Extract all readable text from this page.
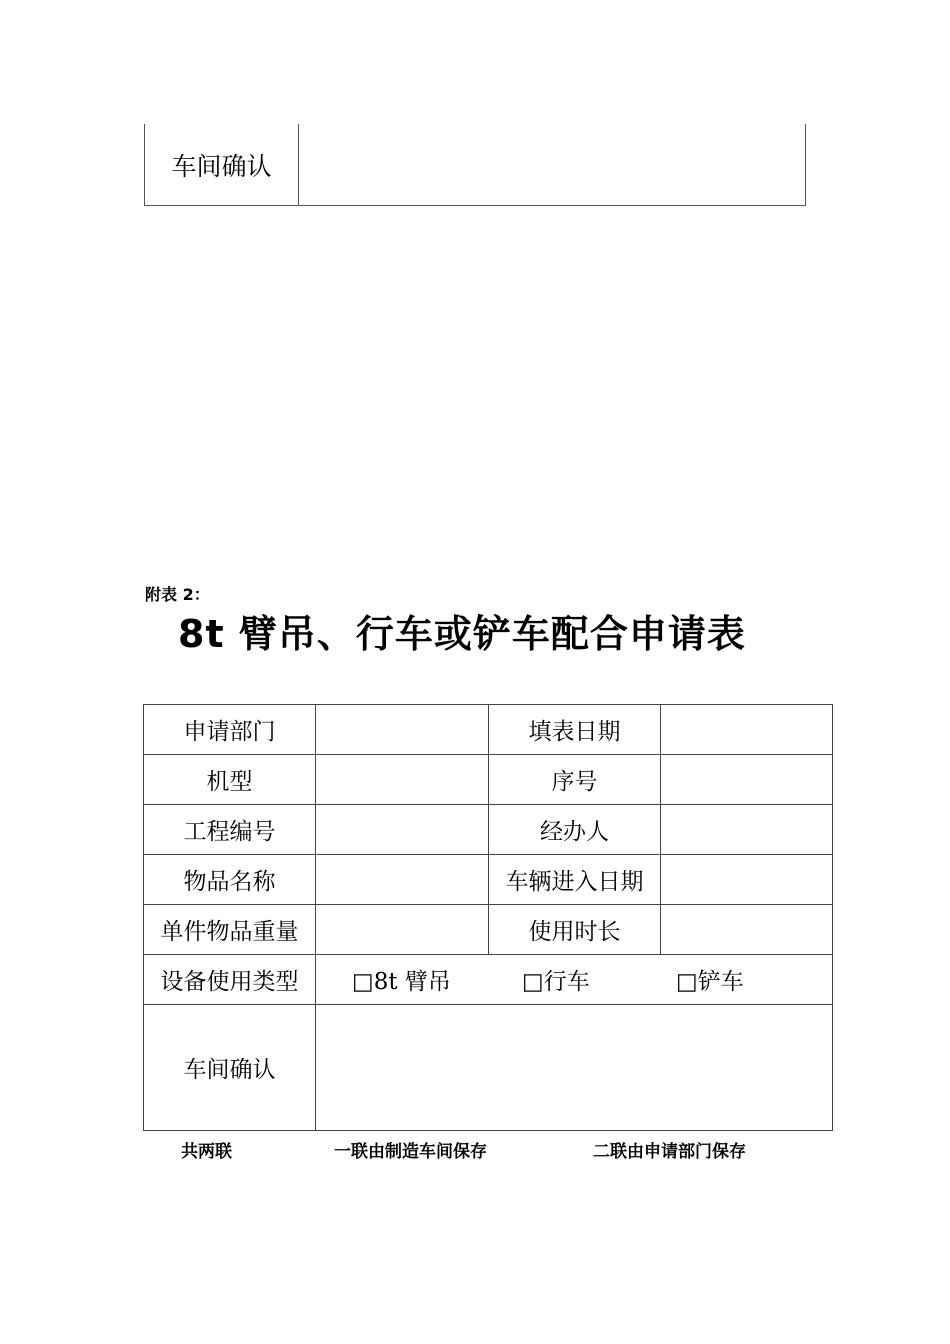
车间确认
附表 2：
8t 臂吊、行车或铲车配合申请表
申请部门		填表日期	
机型		序号	
工程编号		经办人	
物品名称		车辆进入日期	
单件物品重量		使用时长	
设备使用类型	□8t 臂吊 □行车 □铲车		
车间确认			
共两联	一联由制造车间保存	二联由申请部门保存
